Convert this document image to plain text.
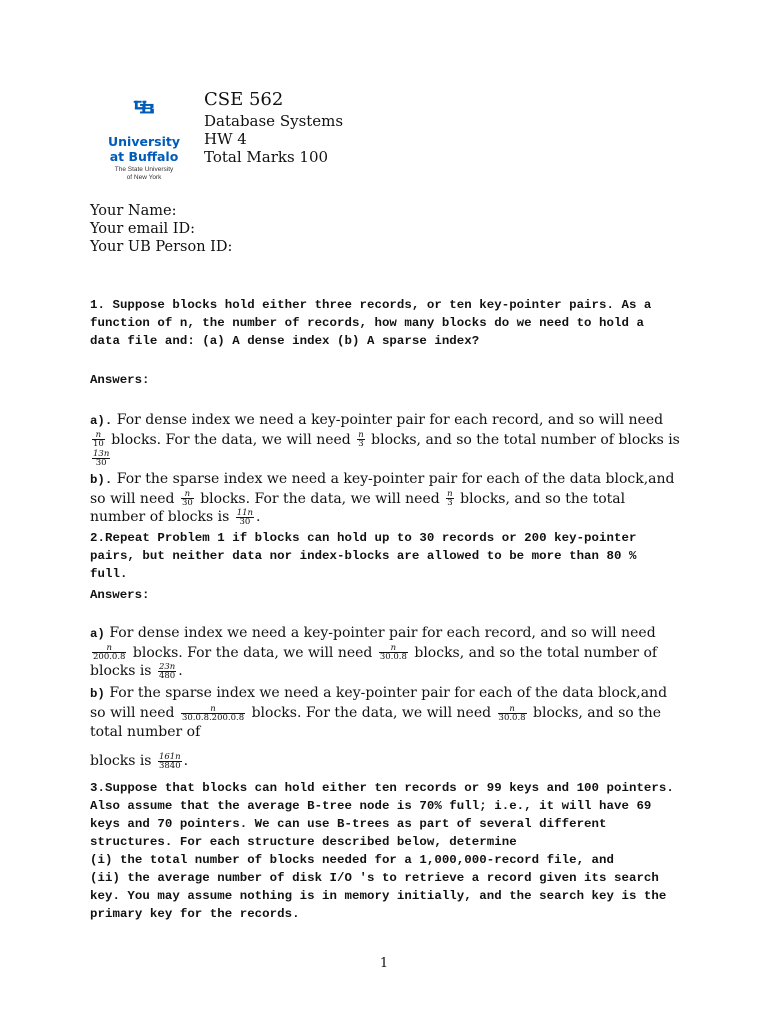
University
at Buffalo
The State University
of New York
CSE 562
Database Systems
HW 4
Total Marks 100
Your Name:
Your email ID:
Your UB Person ID:
1. Suppose blocks hold either three records, or ten key-pointer pairs. As a function of n, the number of records, how many blocks do we need to hold a data file and: (a) A dense index (b) A sparse index?
Answers:
a). For dense index we need a key-pointer pair for each record, and so will need
$\frac{n}{10}$ blocks. For the data, we will need $\frac{n}{3}$ blocks, and so the total number of blocks is
$\frac{13n}{30}$
b). For the sparse index we need a key-pointer pair for each of the data block,and so will need $\frac{n}{30}$ blocks. For the data, we will need $\frac{n}{3}$ blocks, and so the total number of blocks is $\frac{11n}{30}$ .
2.Repeat Problem 1 if blocks can hold up to 30 records or 200 key-pointer pairs, but neither data nor index-blocks are allowed to be more than 80 % full.
Answers:
a) For dense index we need a key-pointer pair for each record, and so will need
$\frac{n}{200.0.8}$ blocks. For the data, we will need $\frac{n}{30.0.8}$ blocks, and so the total number of blocks is $\frac{23n}{480}$ .
b) For the sparse index we need a key-pointer pair for each of the data block,and so will need $\frac{n}{30.0.8.200.0.8}$ blocks. For the data, we will need $\frac{n}{30.0.8}$ blocks, and so the total number of
blocks is $\frac{161n}{3840}$ .
3.Suppose that blocks can hold either ten records or 99 keys and 100 pointers. Also assume that the average B-tree node is 70% full; i.e., it will have 69 keys and 70 pointers. We can use B-trees as part of several different structures. For each structure described below, determine
(i) the total number of blocks needed for a 1,000,000-record file, and
(ii) the average number of disk I/O 's to retrieve a record given its search key. You may assume nothing is in memory initially, and the search key is the primary key for the records.
1
